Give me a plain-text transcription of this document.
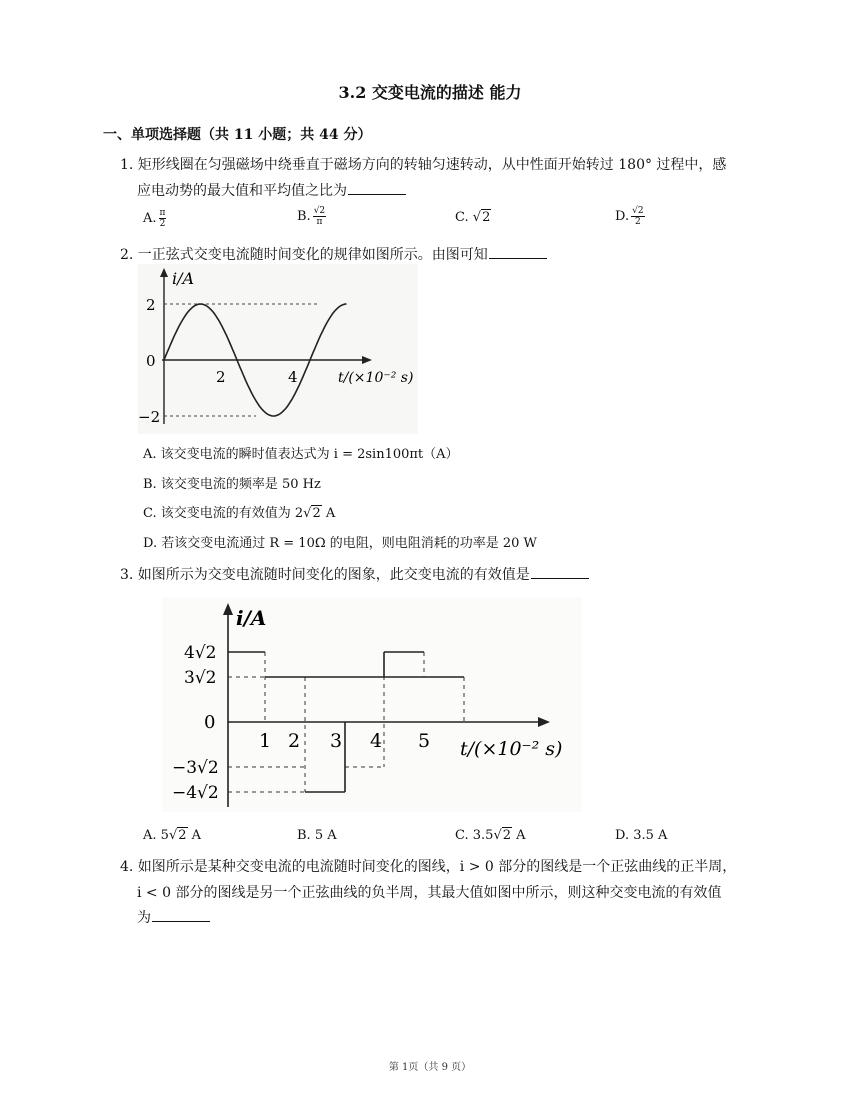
3.2 交变电流的描述 能力
一、单项选择题（共 11 小题；共 44 分）
1. 矩形线圈在匀强磁场中绕垂直于磁场方向的转轴匀速转动，从中性面开始转过 180° 过程中，感
应电动势的最大值和平均值之比为
A. $\frac{\pi}{2}$	B. $\frac{√2}{\pi}$	C. √2	D. $\frac{√2}{2}$
2. 一正弦式交变电流随时间变化的规律如图所示。由图可知
i/A
2
0
−2
2	4	t/(×10⁻² s)
A. 该交变电流的瞬时值表达式为 i = 2sin100πt（A）
B. 该交变电流的频率是 50 Hz
C. 该交变电流的有效值为 2√2 A
D. 若该交变电流通过 R = 10Ω 的电阻，则电阻消耗的功率是 20 W
3. 如图所示为交变电流随时间变化的图象，此交变电流的有效值是
i/A
4√2
3√2
0
−3√2
−4√2
1 2 3 4 5 t/(×10⁻² s)
A. 5√2 A	B. 5 A	C. 3.5√2 A	D. 3.5 A
4. 如图所示是某种交变电流的电流随时间变化的图线，i > 0 部分的图线是一个正弦曲线的正半周，
i < 0 部分的图线是另一个正弦曲线的负半周，其最大值如图中所示，则这种交变电流的有效值
为
第 1页（共 9 页）
